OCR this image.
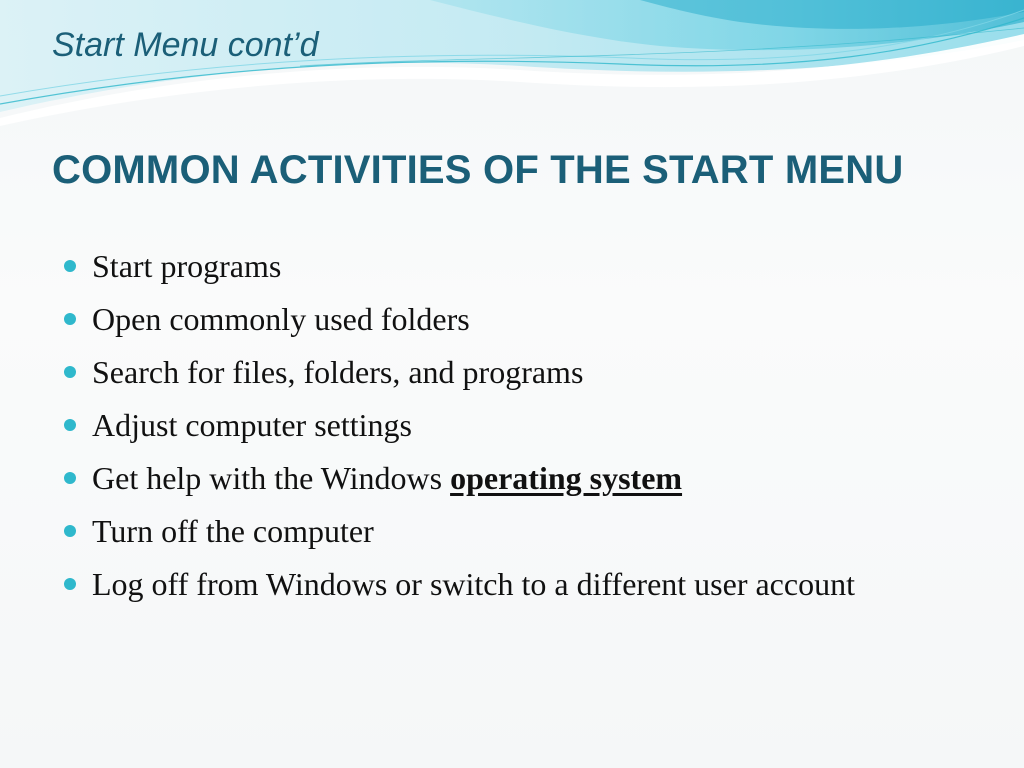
Start Menu cont’d
COMMON ACTIVITIES OF THE START MENU
Start programs
Open commonly used folders
Search for files, folders, and programs
Adjust computer settings
Get help with the Windows operating system
Turn off the computer
Log off from Windows or switch to a different user account
